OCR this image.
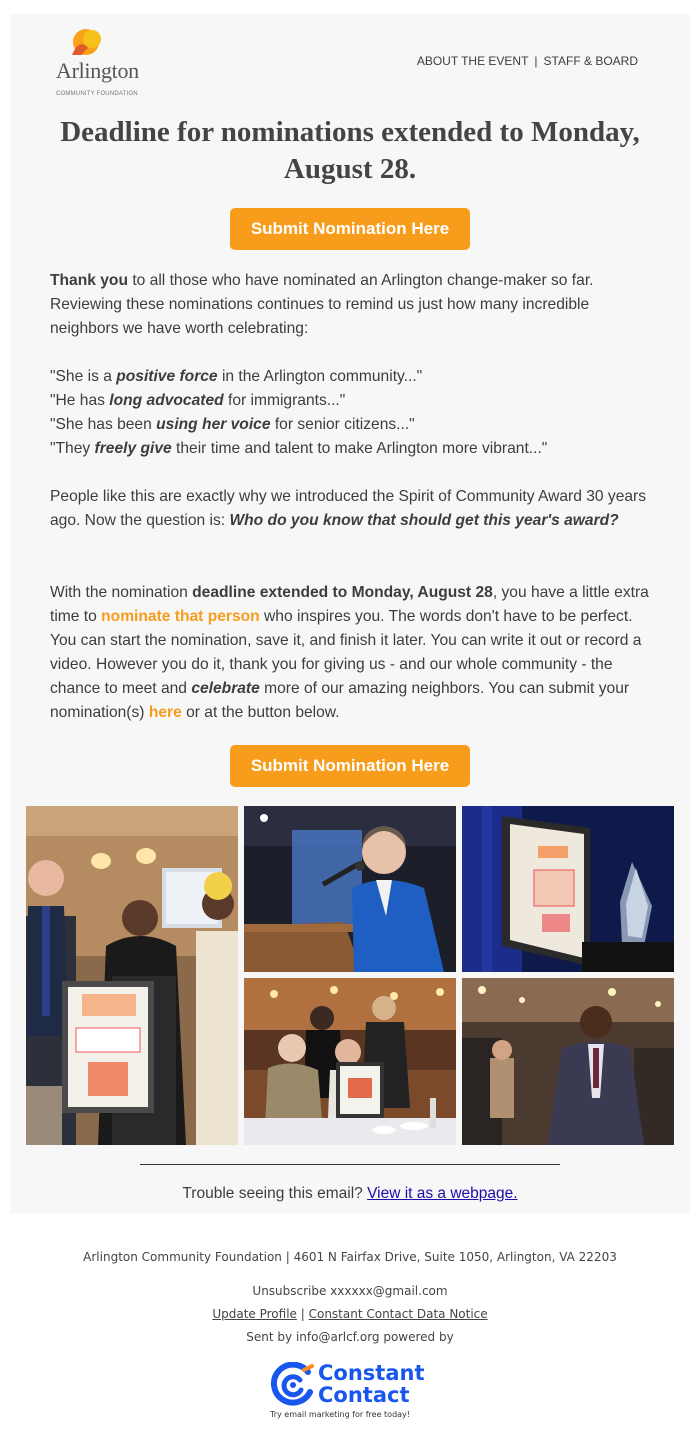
Arlington
COMMUNITY FOUNDATION
ABOUT THE EVENT | STAFF & BOARD
Deadline for nominations extended to Monday, August 28.
Submit Nomination Here
Thank you to all those who have nominated an Arlington change-maker so far. Reviewing these nominations continues to remind us just how many incredible neighbors we have worth celebrating:
"She is a positive force in the Arlington community..."
"He has long advocated for immigrants..."
"She has been using her voice for senior citizens..."
"They freely give their time and talent to make Arlington more vibrant..."
People like this are exactly why we introduced the Spirit of Community Award 30 years ago. Now the question is: Who do you know that should get this year's award?
With the nomination deadline extended to Monday, August 28, you have a little extra time to nominate that person who inspires you. The words don't have to be perfect. You can start the nomination, save it, and finish it later. You can write it out or record a video. However you do it, thank you for giving us - and our whole community - the chance to meet and celebrate more of our amazing neighbors. You can submit your nomination(s) here or at the button below.
Submit Nomination Here
Trouble seeing this email? View it as a webpage.
Arlington Community Foundation | 4601 N Fairfax Drive, Suite 1050, Arlington, VA 22203
Unsubscribe xxxxxx@gmail.com
Update Profile | Constant Contact Data Notice
Sent by info@arlcf.org powered by
Constant
Contact
Try email marketing for free today!
